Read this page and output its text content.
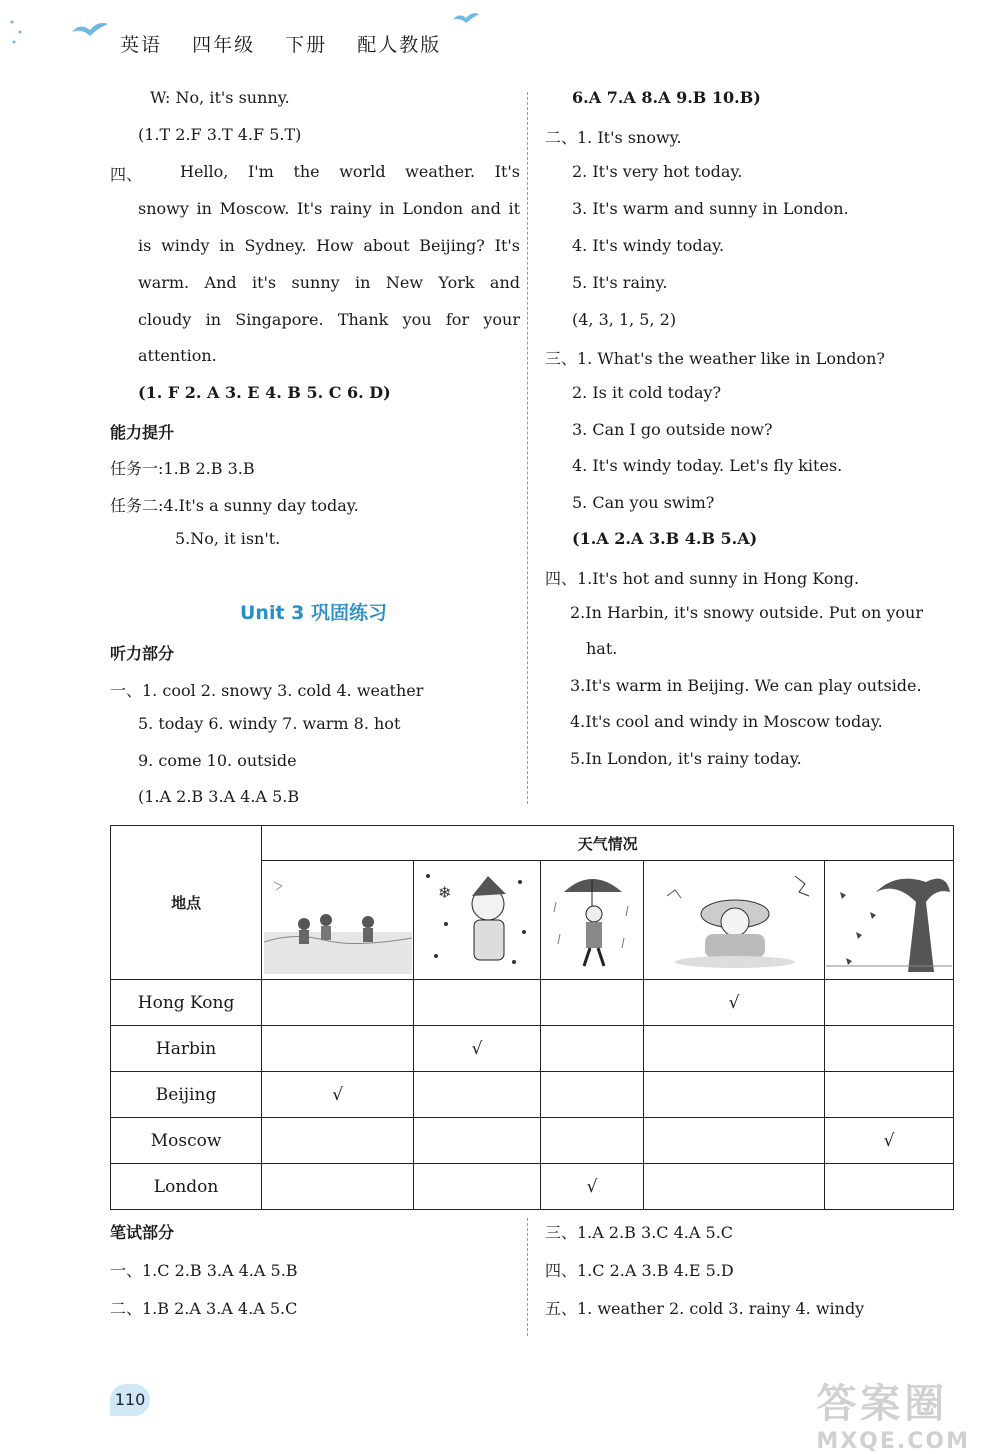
英语 四年级 下册 配人教版
W: No, it's sunny.
(1.T 2.F 3.T 4.F 5.T)
四、 Hello, I'm the world weather. It's
snowy in Moscow. It's rainy in London and it
is windy in Sydney. How about Beijing? It's
warm. And it's sunny in New York and
cloudy in Singapore. Thank you for your
attention.
(1. F 2. A 3. E 4. B 5. C 6. D)
能力提升
任务一:1.B 2.B 3.B
任务二:4.It's a sunny day today.
5.No, it isn't.
Unit 3 巩固练习
听力部分
一、1. cool 2. snowy 3. cold 4. weather
5. today 6. windy 7. warm 8. hot
9. come 10. outside
(1.A 2.B 3.A 4.A 5.B
6.A 7.A 8.A 9.B 10.B)
二、1. It's snowy.
2. It's very hot today.
3. It's warm and sunny in London.
4. It's windy today.
5. It's rainy.
(4, 3, 1, 5, 2)
三、1. What's the weather like in London?
2. Is it cold today?
3. Can I go outside now?
4. It's windy today. Let's fly kites.
5. Can you swim?
(1.A 2.A 3.B 4.B 5.A)
四、1.It's hot and sunny in Hong Kong.
2.In Harbin, it's snowy outside. Put on your
hat.
3.It's warm in Beijing. We can play outside.
4.It's cool and windy in Moscow today.
5.In London, it's rainy today.
地点	天气情况				

❄

Hong Kong				√	
Harbin		√			
Beijing	√				
Moscow					√
London			√		
笔试部分
一、1.C 2.B 3.A 4.A 5.B
二、1.B 2.A 3.A 4.A 5.C
三、1.A 2.B 3.C 4.A 5.C
四、1.C 2.A 3.B 4.E 5.D
五、1. weather 2. cold 3. rainy 4. windy
110	答案圈
MXQE.COM
